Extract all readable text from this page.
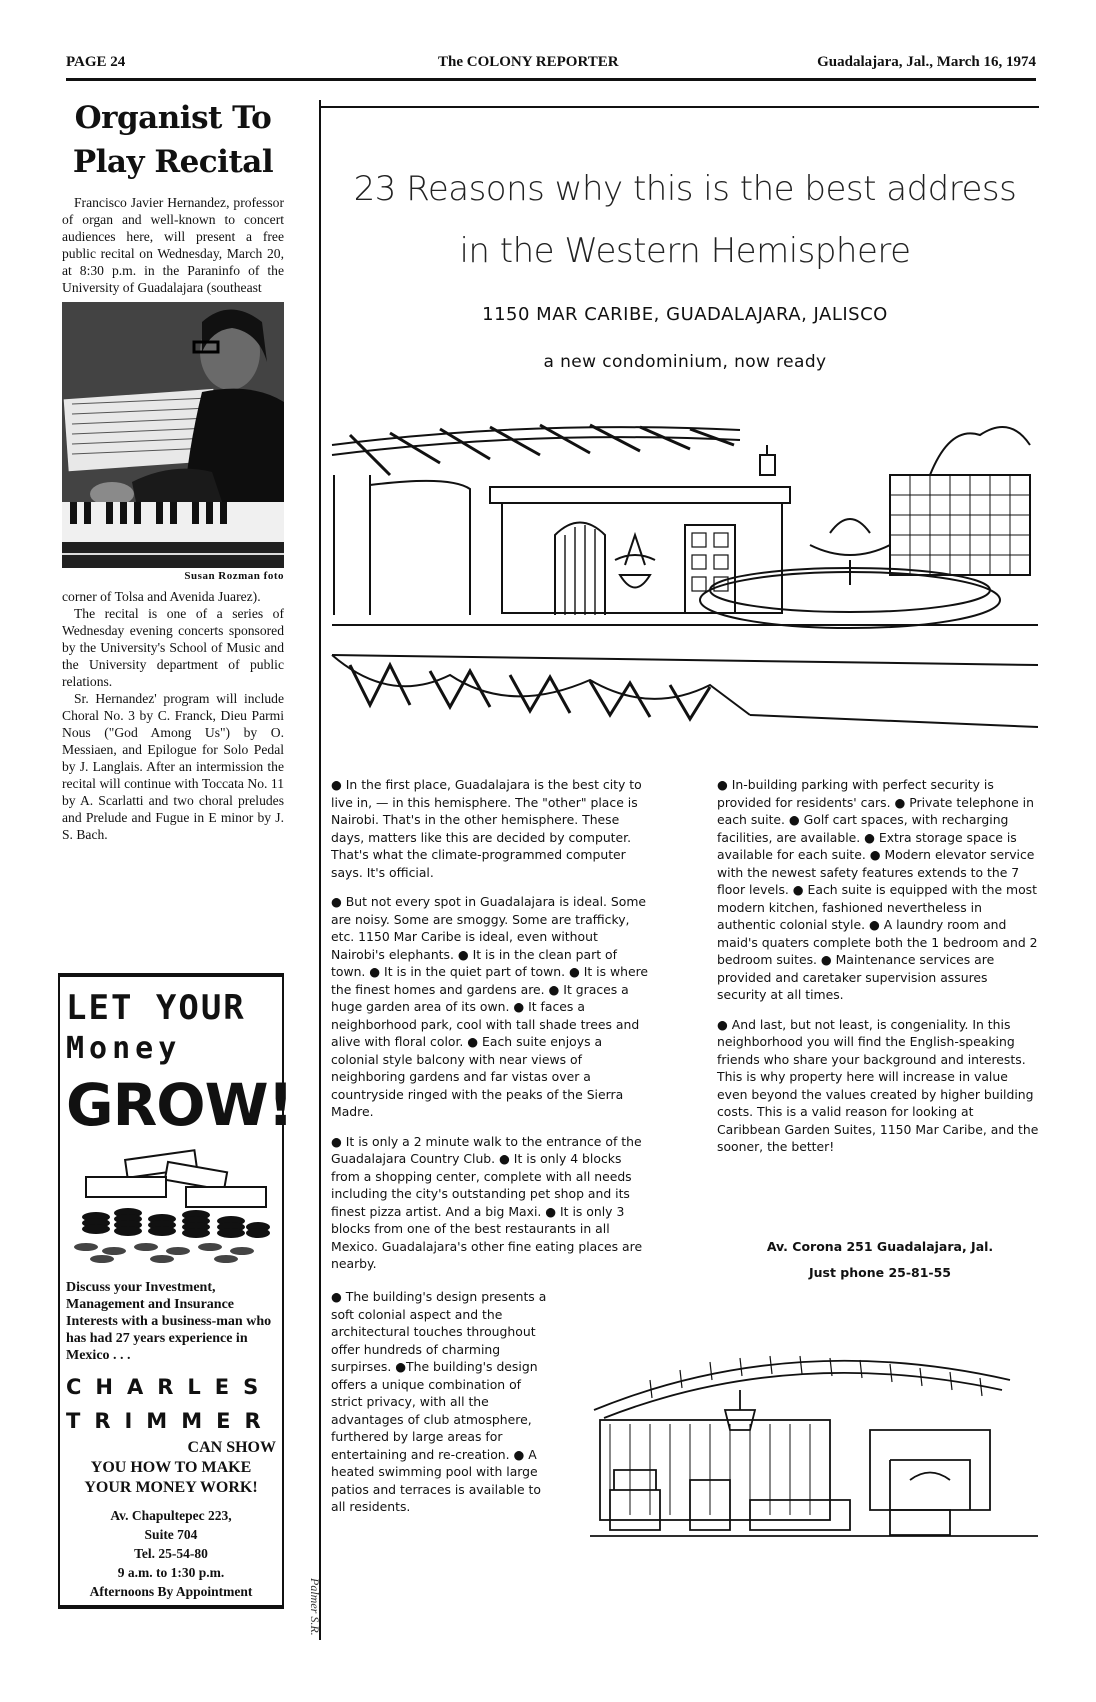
PAGE 24	The COLONY REPORTER	Guadalajara, Jal., March 16, 1974
Organist To
Play Recital

Francisco Javier Hernandez, professor of organ and well-known to concert audiences here, will present a free public recital on Wednesday, March 20, at 8:30 p.m. in the Paraninfo of the University of Guadalajara (southeast

Susan Rozman foto

corner of Tolsa and Avenida Juarez).

The recital is one of a series of Wednesday evening concerts sponsored by the University's School of Music and the University department of public relations.

Sr. Hernandez' program will include Choral No. 3 by C. Franck, Dieu Parmi Nous ("God Among Us") by O. Messiaen, and Epilogue for Solo Pedal by J. Langlais. After an intermission the recital will continue with Toccata No. 11 by A. Scarlatti and two choral preludes and Prelude and Fugue in E minor by J. S. Bach.

LET YOUR
Money
GROW!
Discuss your Investment, Management and Insurance Interests with a business-man who has had 27 years experience in Mexico . . .
CHARLES
TRIMMER
CAN SHOW
YOU HOW TO MAKE YOUR MONEY WORK!
Av. Chapultepec 223,
Suite 704
Tel. 25-54-80
9 a.m. to 1:30 p.m.
Afternoons By Appointment
23 Reasons why this is the best address
in the Western Hemisphere
1150 MAR CARIBE, GUADALAJARA, JALISCO
a new condominium, now ready

● In the first place, Guadalajara is the best city to live in, — in this hemisphere. The "other" place is Nairobi. That's in the other hemisphere. These days, matters like this are decided by computer. That's what the climate-programmed computer says. It's official.

● But not every spot in Guadalajara is ideal. Some are noisy. Some are smoggy. Some are trafficky, etc. 1150 Mar Caribe is ideal, even without Nairobi's elephants. ● It is in the clean part of town. ● It is in the quiet part of town. ● It is where the finest homes and gardens are. ● It graces a huge garden area of its own. ● It faces a neighborhood park, cool with tall shade trees and alive with floral color. ● Each suite enjoys a colonial style balcony with near views of neighboring gardens and far vistas over a countryside ringed with the peaks of the Sierra Madre.

● It is only a 2 minute walk to the entrance of the Guadalajara Country Club. ● It is only 4 blocks from a shopping center, complete with all needs including the city's outstanding pet shop and its finest pizza artist. And a big Maxi. ● It is only 3 blocks from one of the best restaurants in all Mexico. Guadalajara's other fine eating places are nearby.

● The building's design presents a soft colonial aspect and the architectural touches throughout offer hundreds of charming surpirses. ●The building's design offers a unique combination of strict privacy, with all the advantages of club atmosphere, furthered by large areas for entertaining and re-creation. ● A heated swimming pool with large patios and terraces is available to all residents.

● In-building parking with perfect security is provided for residents' cars. ● Private telephone in each suite. ● Golf cart spaces, with recharging facilities, are available. ● Extra storage space is available for each suite. ● Modern elevator service with the newest safety features extends to the 7 floor levels. ● Each suite is equipped with the most modern kitchen, fashioned nevertheless in authentic colonial style. ● A laundry room and maid's quaters complete both the 1 bedroom and 2 bedroom suites. ● Maintenance services are provided and caretaker supervision assures security at all times.

● And last, but not least, is congeniality. In this neighborhood you will find the English-speaking friends who share your background and interests. This is why property here will increase in value even beyond the values created by higher building costs. This is a valid reason for looking at Caribbean Garden Suites, 1150 Mar Caribe, and the sooner, the better!

Av. Corona 251 Guadalajara, Jal.
Just phone 25-81-55
Palmer S.R.
